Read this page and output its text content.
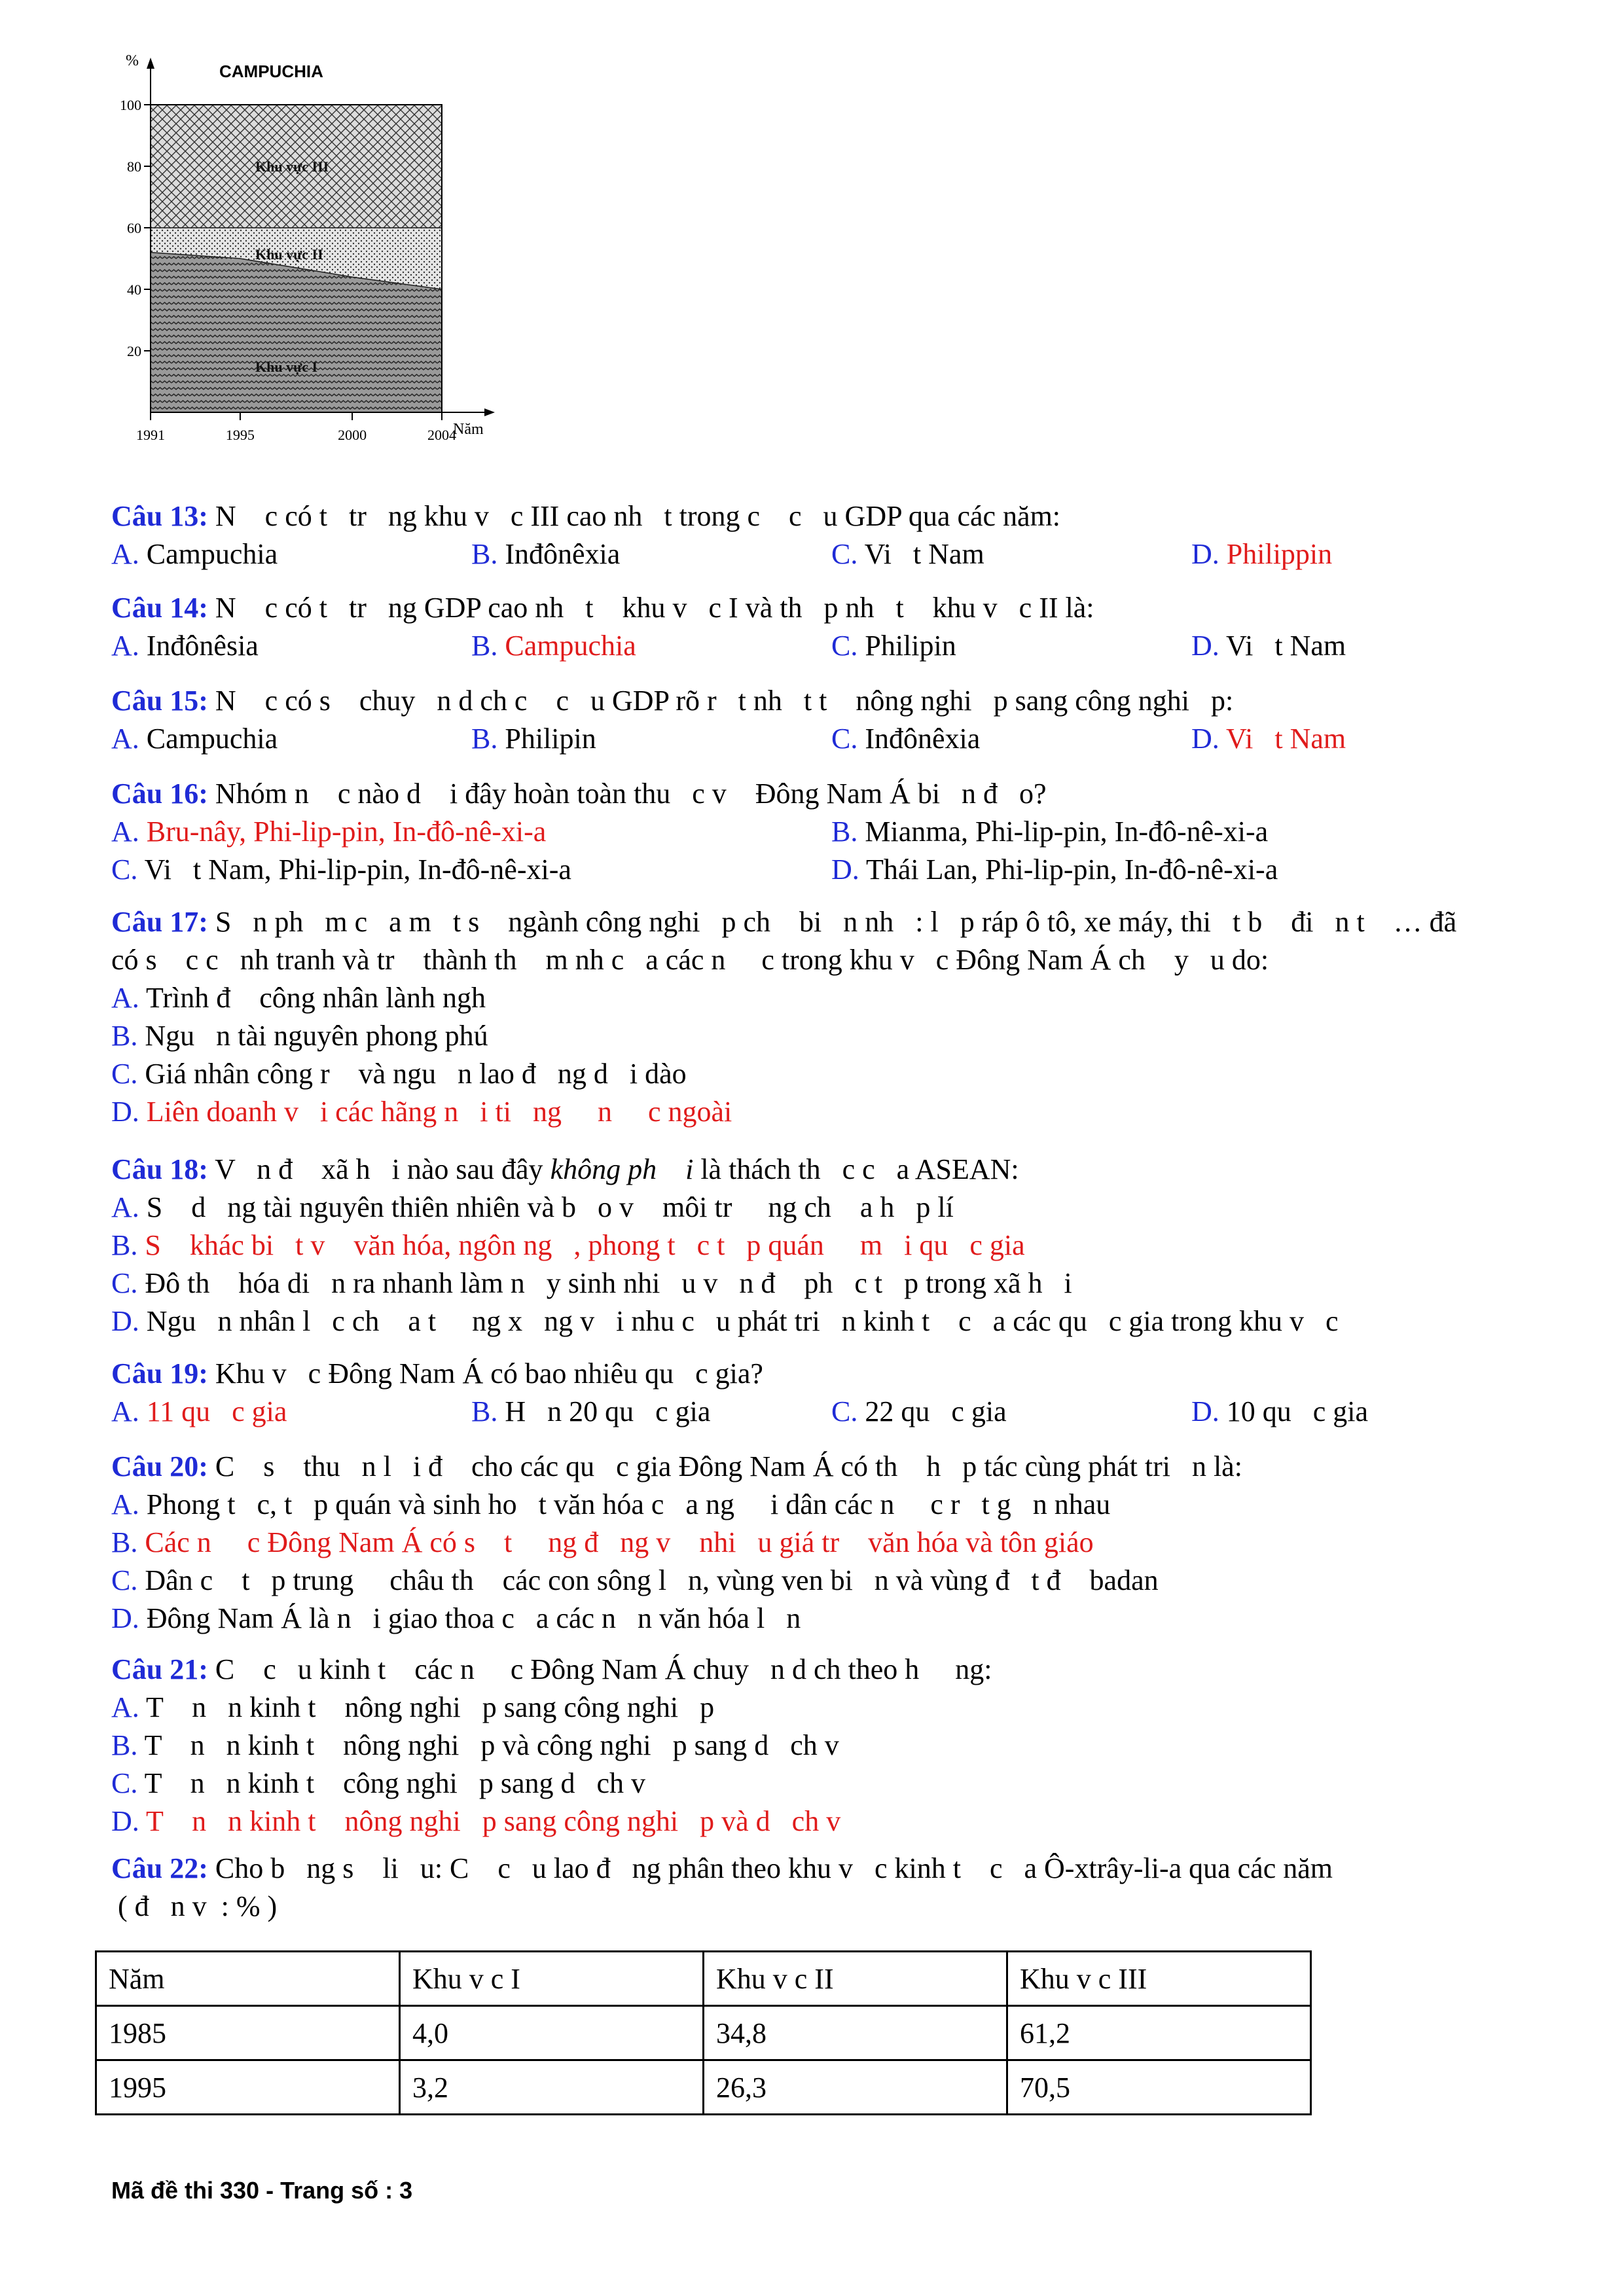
100
80
60
40
20
1991	1995	2000	2004
CAMPUCHIA
%
Năm
Khu vực III
Khu vực II
Khu vực I
Câu 13: N    c có t   tr   ng khu v   c III cao nh   t trong c    c   u GDP qua các năm:
A. Campuchia	B. Inđônêxia	C. Vi   t Nam	D. Philippin
Câu 14: N    c có t   tr   ng GDP cao nh   t    khu v   c I và th   p nh   t    khu v   c II là:
A. Inđônêsia	B. Campuchia	C. Philipin	D. Vi   t Nam
Câu 15: N    c có s    chuy   n d ch c    c   u GDP rõ r   t nh   t t    nông nghi   p sang công nghi   p:
A. Campuchia	B. Philipin	C. Inđônêxia	D. Vi   t Nam
Câu 16: Nhóm n    c nào d    i đây hoàn toàn thu   c v    Đông Nam Á bi   n đ   o?
A. Bru-nây, Phi-lip-pin, In-đô-nê-xi-a	B. Mianma, Phi-lip-pin, In-đô-nê-xi-a
C. Vi   t Nam, Phi-lip-pin, In-đô-nê-xi-a	D. Thái Lan, Phi-lip-pin, In-đô-nê-xi-a
Câu 17: S   n ph   m c   a m   t s    ngành công nghi   p ch    bi   n nh   : l   p ráp ô tô, xe máy, thi   t b    đi   n t    … đã
có s    c c   nh tranh và tr    thành th    m nh c   a các n     c trong khu v   c Đông Nam Á ch    y   u do:
A. Trình đ    công nhân lành ngh
B. Ngu   n tài nguyên phong phú
C. Giá nhân công r    và ngu   n lao đ   ng d   i dào
D. Liên doanh v   i các hãng n   i ti   ng     n     c ngoài
Câu 18: V   n đ    xã h   i nào sau đây không ph    i là thách th   c c   a ASEAN:
A. S    d   ng tài nguyên thiên nhiên và b   o v    môi tr     ng ch    a h   p lí
B. S    khác bi   t v    văn hóa, ngôn ng   , phong t   c t   p quán     m   i qu   c gia
C. Đô th    hóa di   n ra nhanh làm n   y sinh nhi   u v   n đ    ph   c t   p trong xã h   i
D. Ngu   n nhân l   c ch    a t     ng x   ng v   i nhu c   u phát tri   n kinh t    c   a các qu   c gia trong khu v   c
Câu 19: Khu v   c Đông Nam Á có bao nhiêu qu   c gia?
A. 11 qu   c gia	B. H   n 20 qu   c gia	C. 22 qu   c gia	D. 10 qu   c gia
Câu 20: C    s    thu   n l   i đ    cho các qu   c gia Đông Nam Á có th    h   p tác cùng phát tri   n là:
A. Phong t   c, t   p quán và sinh ho   t văn hóa c   a ng     i dân các n     c r   t g   n nhau
B. Các n     c Đông Nam Á có s    t     ng đ   ng v    nhi   u giá tr    văn hóa và tôn giáo
C. Dân c    t   p trung     châu th    các con sông l   n, vùng ven bi   n và vùng đ   t đ    badan
D. Đông Nam Á là n   i giao thoa c   a các n   n văn hóa l   n
Câu 21: C    c   u kinh t    các n     c Đông Nam Á chuy   n d ch theo h     ng:
A. T    n   n kinh t    nông nghi   p sang công nghi   p
B. T    n   n kinh t    nông nghi   p và công nghi   p sang d   ch v
C. T    n   n kinh t    công nghi   p sang d   ch v
D. T    n   n kinh t    nông nghi   p sang công nghi   p và d   ch v
Câu 22: Cho b   ng s    li   u: C    c   u lao đ   ng phân theo khu v   c kinh t    c   a Ô-xtrây-li-a qua các năm
( đ   n v  : % )
Năm	Khu v c I	Khu v c II	Khu v c III
1985	4,0	34,8	61,2
1995	3,2	26,3	70,5
Mã đề thi 330 - Trang số : 3
